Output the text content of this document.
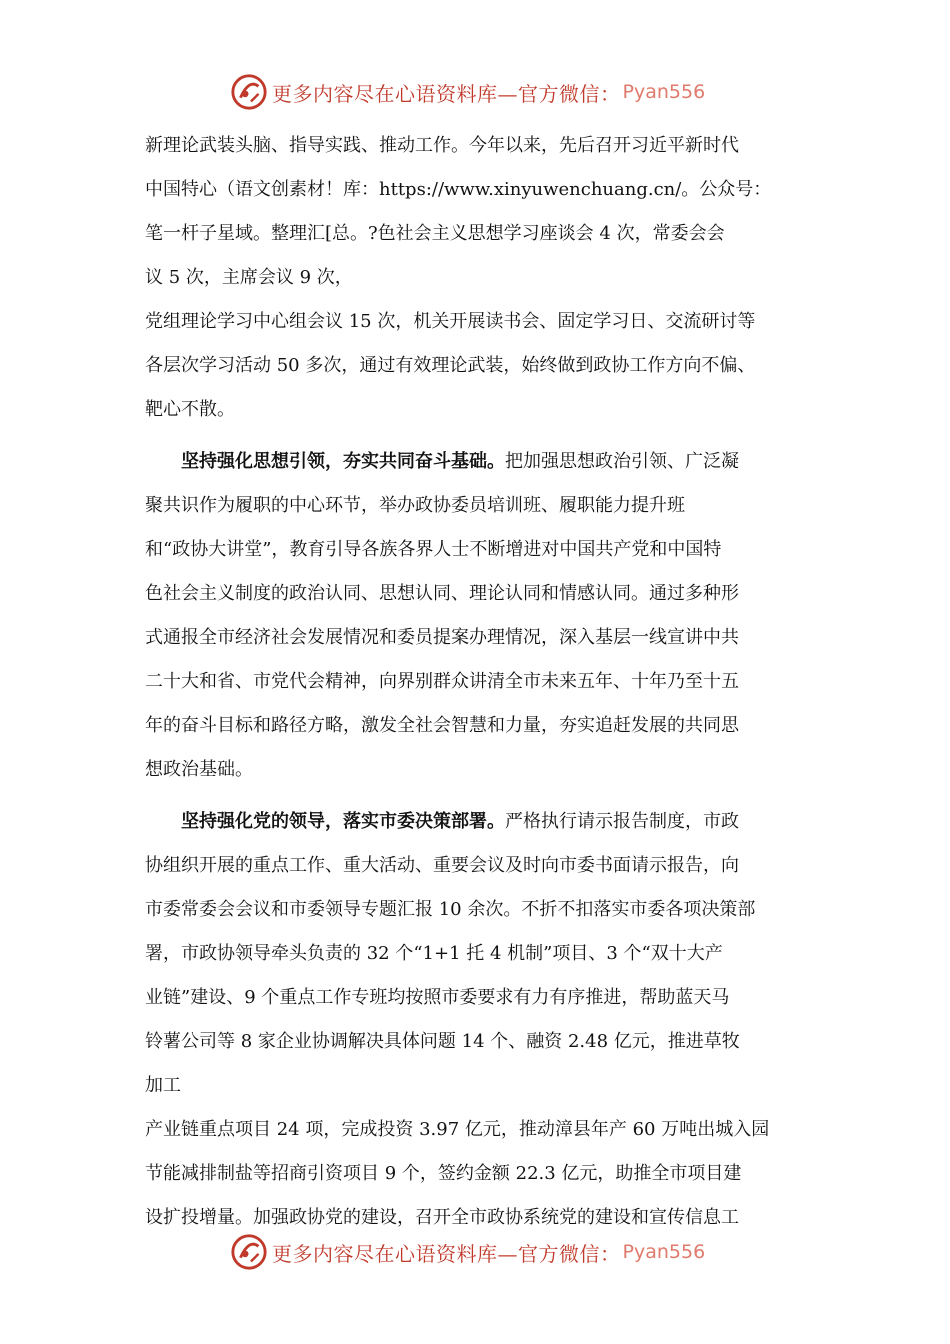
更多内容尽在心语资料库—官方微信： Pyan556
新理论武装头脑、指导实践、推动工作。今年以来，先后召开习近平新时代
中国特心（语文创素材！库：https://www.xinyuwenchuang.cn/。公众号：
笔一杆子星域。整理汇[总。?色社会主义思想学习座谈会 4 次，常委会会
议 5 次，主席会议 9 次，
党组理论学习中心组会议 15 次，机关开展读书会、固定学习日、交流研讨等
各层次学习活动 50 多次，通过有效理论武装，始终做到政协工作方向不偏、
靶心不散。
坚持强化思想引领，夯实共同奋斗基础。把加强思想政治引领、广泛凝
聚共识作为履职的中心环节，举办政协委员培训班、履职能力提升班
和“政协大讲堂”，教育引导各族各界人士不断增进对中国共产党和中国特
色社会主义制度的政治认同、思想认同、理论认同和情感认同。通过多种形
式通报全市经济社会发展情况和委员提案办理情况，深入基层一线宣讲中共
二十大和省、市党代会精神，向界别群众讲清全市未来五年、十年乃至十五
年的奋斗目标和路径方略，激发全社会智慧和力量，夯实追赶发展的共同思
想政治基础。
坚持强化党的领导，落实市委决策部署。严格执行请示报告制度，市政
协组织开展的重点工作、重大活动、重要会议及时向市委书面请示报告，向
市委常委会会议和市委领导专题汇报 10 余次。不折不扣落实市委各项决策部
署，市政协领导牵头负责的 32 个“1+1 托 4 机制”项目、3 个“双十大产
业链”建设、9 个重点工作专班均按照市委要求有力有序推进，帮助蓝天马
铃薯公司等 8 家企业协调解决具体问题 14 个、融资 2.48 亿元，推进草牧
加工
产业链重点项目 24 项，完成投资 3.97 亿元，推动漳县年产 60 万吨出城入园
节能减排制盐等招商引资项目 9 个，签约金额 22.3 亿元，助推全市项目建
设扩投增量。加强政协党的建设，召开全市政协系统党的建设和宣传信息工
更多内容尽在心语资料库—官方微信： Pyan556
